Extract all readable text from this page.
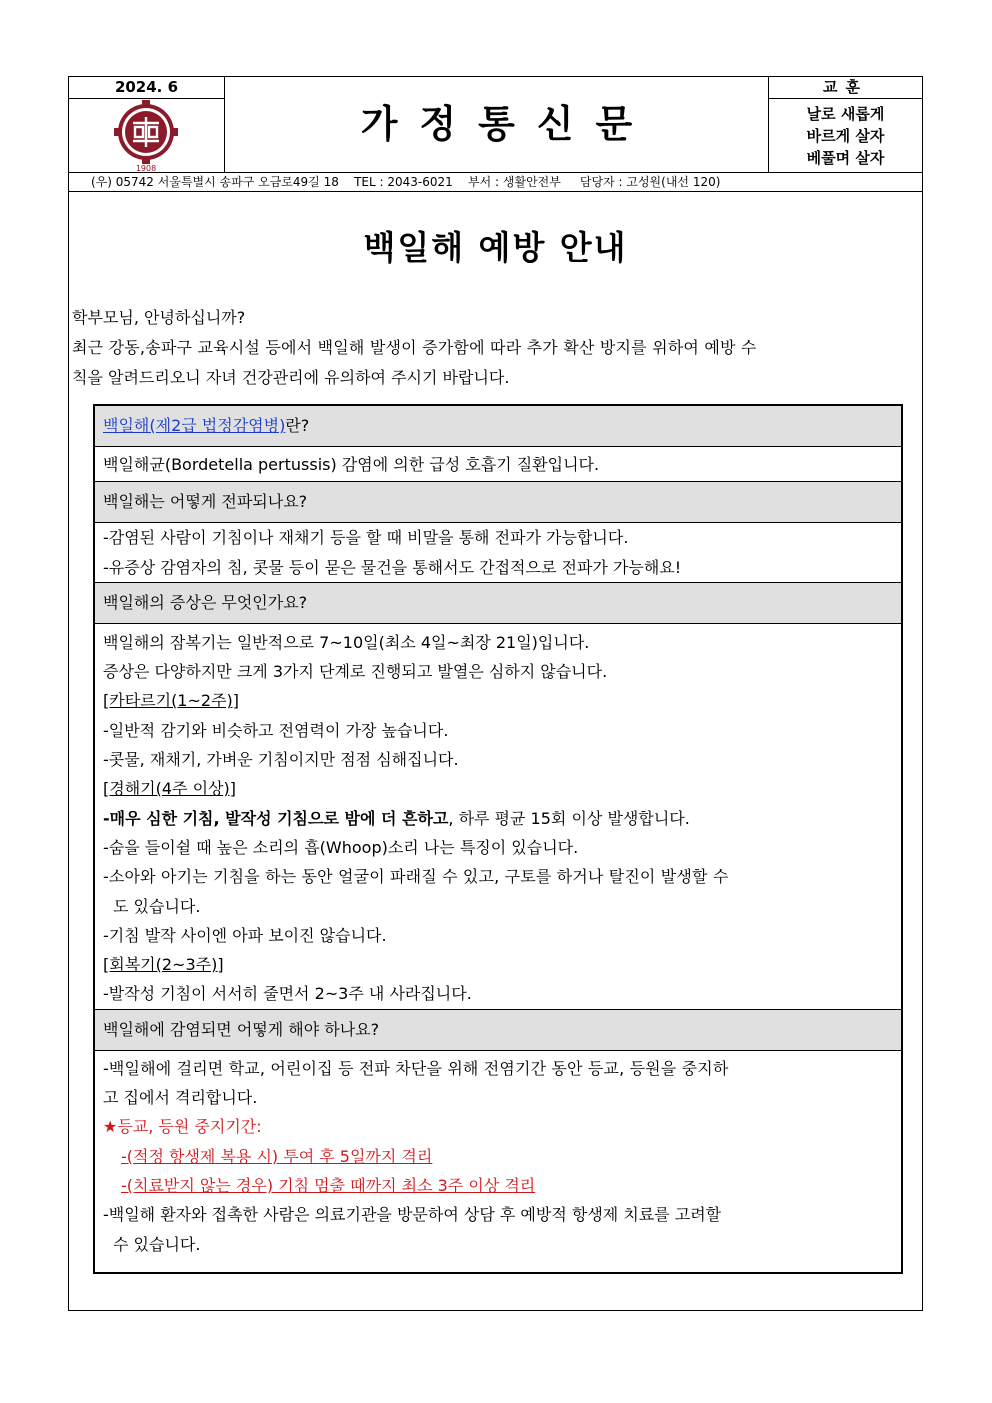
2024. 6
1908
가정통신문
교훈
날로 새롭게
바르게 살자
베풀며 살자
(우) 05742 서울특별시 송파구 오금로49길 18    TEL : 2043-6021    부서 : 생활안전부     담당자 : 고성원(내선 120)
백일해 예방 안내
학부모님, 안녕하십니까?
최근 강동,송파구 교육시설 등에서 백일해 발생이 증가함에 따라 추가 확산 방지를 위하여 예방 수
칙을 알려드리오니 자녀 건강관리에 유의하여 주시기 바랍니다.
백일해(제2급 법정감염병)란?
백일해균(Bordetella pertussis) 감염에 의한 급성 호흡기 질환입니다.
백일해는 어떻게 전파되나요?
-감염된 사람이 기침이나 재채기 등을 할 때 비말을 통해 전파가 가능합니다.
-유증상 감염자의 침, 콧물 등이 묻은 물건을 통해서도 간접적으로 전파가 가능해요!
백일해의 증상은 무엇인가요?
백일해의 잠복기는 일반적으로 7~10일(최소 4일~최장 21일)입니다.
증상은 다양하지만 크게 3가지 단계로 진행되고 발열은 심하지 않습니다.
[카타르기(1~2주)]
-일반적 감기와 비슷하고 전염력이 가장 높습니다.
-콧물, 재채기, 가벼운 기침이지만 점점 심해집니다.
[경해기(4주 이상)]
-매우 심한 기침, 발작성 기침으로 밤에 더 흔하고, 하루 평균 15회 이상 발생합니다.
-숨을 들이쉴 때 높은 소리의 흡(Whoop)소리 나는 특징이 있습니다.
-소아와 아기는 기침을 하는 동안 얼굴이 파래질 수 있고, 구토를 하거나 탈진이 발생할 수
도 있습니다.
-기침 발작 사이엔 아파 보이진 않습니다.
[회복기(2~3주)]
-발작성 기침이 서서히 줄면서 2~3주 내 사라집니다.
백일해에 감염되면 어떻게 해야 하나요?
-백일해에 걸리면 학교, 어린이집 등 전파 차단을 위해 전염기간 동안 등교, 등원을 중지하
고 집에서 격리합니다.
★등교, 등원 중지기간:
-(적정 항생제 복용 시) 투여 후 5일까지 격리
-(치료받지 않는 경우) 기침 멈출 때까지 최소 3주 이상 격리
-백일해 환자와 접촉한 사람은 의료기관을 방문하여 상담 후 예방적 항생제 치료를 고려할
수 있습니다.
